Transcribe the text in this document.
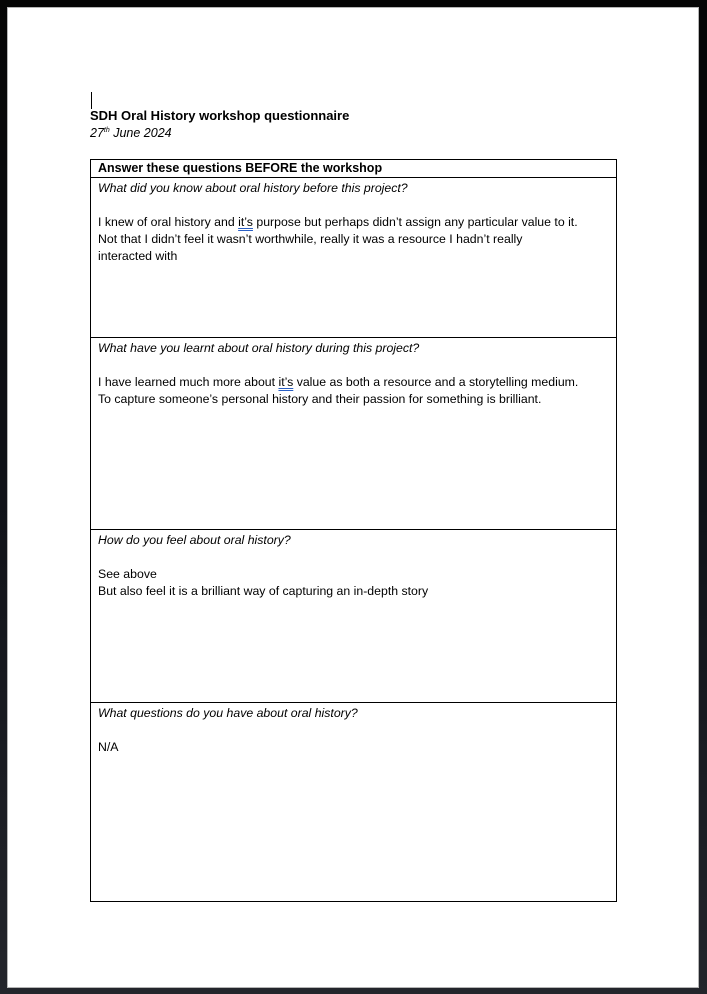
SDH Oral History workshop questionnaire
27th June 2024
Answer these questions BEFORE the workshop
What did you know about oral history before this project?
I knew of oral history and it’s purpose but perhaps didn’t assign any particular value to it.
Not that I didn’t feel it wasn’t worthwhile, really it was a resource I hadn’t really
interacted with
What have you learnt about oral history during this project?
I have learned much more about it’s value as both a resource and a storytelling medium.
To capture someone’s personal history and their passion for something is brilliant.
How do you feel about oral history?
See above
But also feel it is a brilliant way of capturing an in-depth story
What questions do you have about oral history?
N/A
